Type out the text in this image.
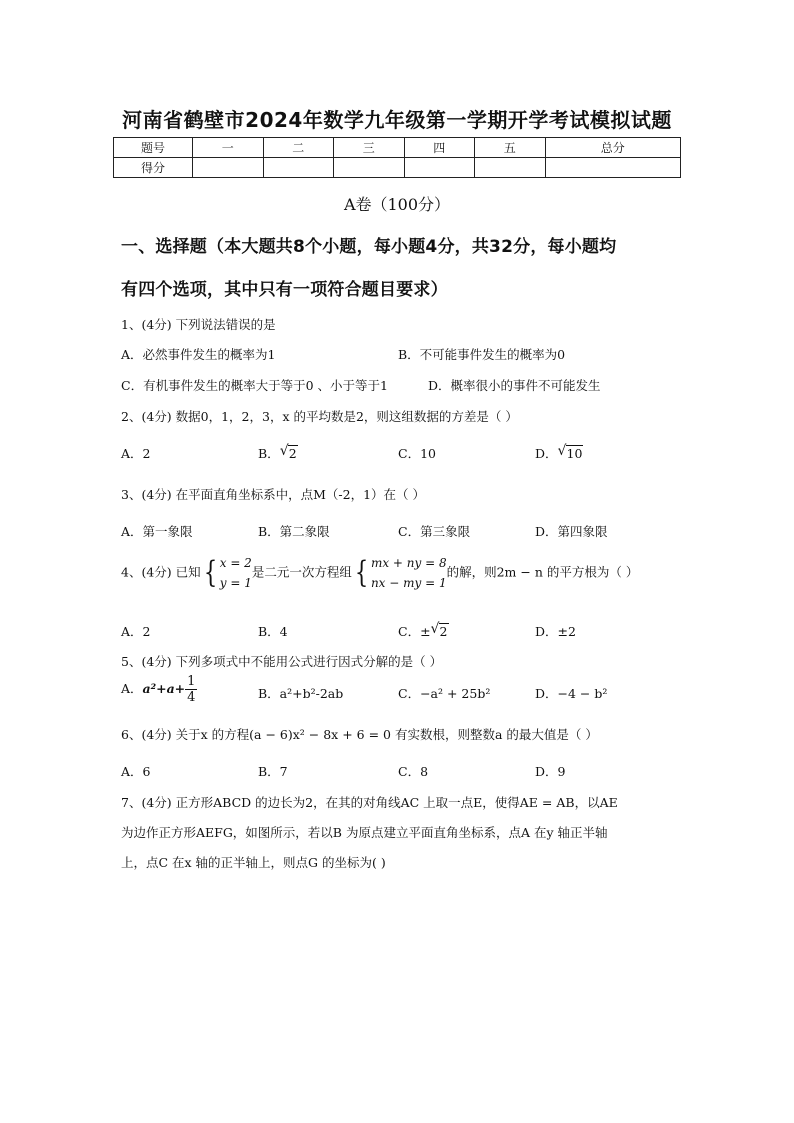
河南省鹤壁市2024年数学九年级第一学期开学考试模拟试题
题号	一	二	三	四	五	总分
得分						
A卷（100分）
一、选择题（本大题共8个小题，每小题4分，共32分，每小题均
有四个选项，其中只有一项符合题目要求）
1、(4分) 下列说法错误的是
A．必然事件发生的概率为1	B．不可能事件发生的概率为0
C．有机事件发生的概率大于等于0 、小于等于1	D．概率很小的事件不可能发生
2、(4分) 数据0，1，2，3，x 的平均数是2，则这组数据的方差是（ ）
A．2	B． √ 2	C．10	D． √ 10
3、(4分) 在平面直角坐标系中，点M（-2，1）在（ ）
A．第一象限	B．第二象限	C．第三象限	D．第四象限
4、(4分) 已知{ x = 2
y = 1
是二元一次方程组{ mx + ny = 8
nx − my = 1
的解，则2m − n 的平方根为（ ）
A．2	B．4	C．± √ 2	D．±2
5、(4分) 下列多项式中不能用公式进行因式分解的是（ ）
A．$a^2+a+ \frac{1}{4}$	B．a²+b²-2ab	C．−a² + 25b²	D．−4 − b²
6、(4分) 关于x 的方程(a − 6)x² − 8x + 6 = 0 有实数根，则整数a 的最大值是（ ）
A．6	B．7	C．8	D．9
7、(4分) 正方形ABCD 的边长为2，在其的对角线AC 上取一点E，使得AE = AB，以AE
为边作正方形AEFG，如图所示，若以B 为原点建立平面直角坐标系，点A 在y 轴正半轴
上，点C 在x 轴的正半轴上，则点G 的坐标为( )
